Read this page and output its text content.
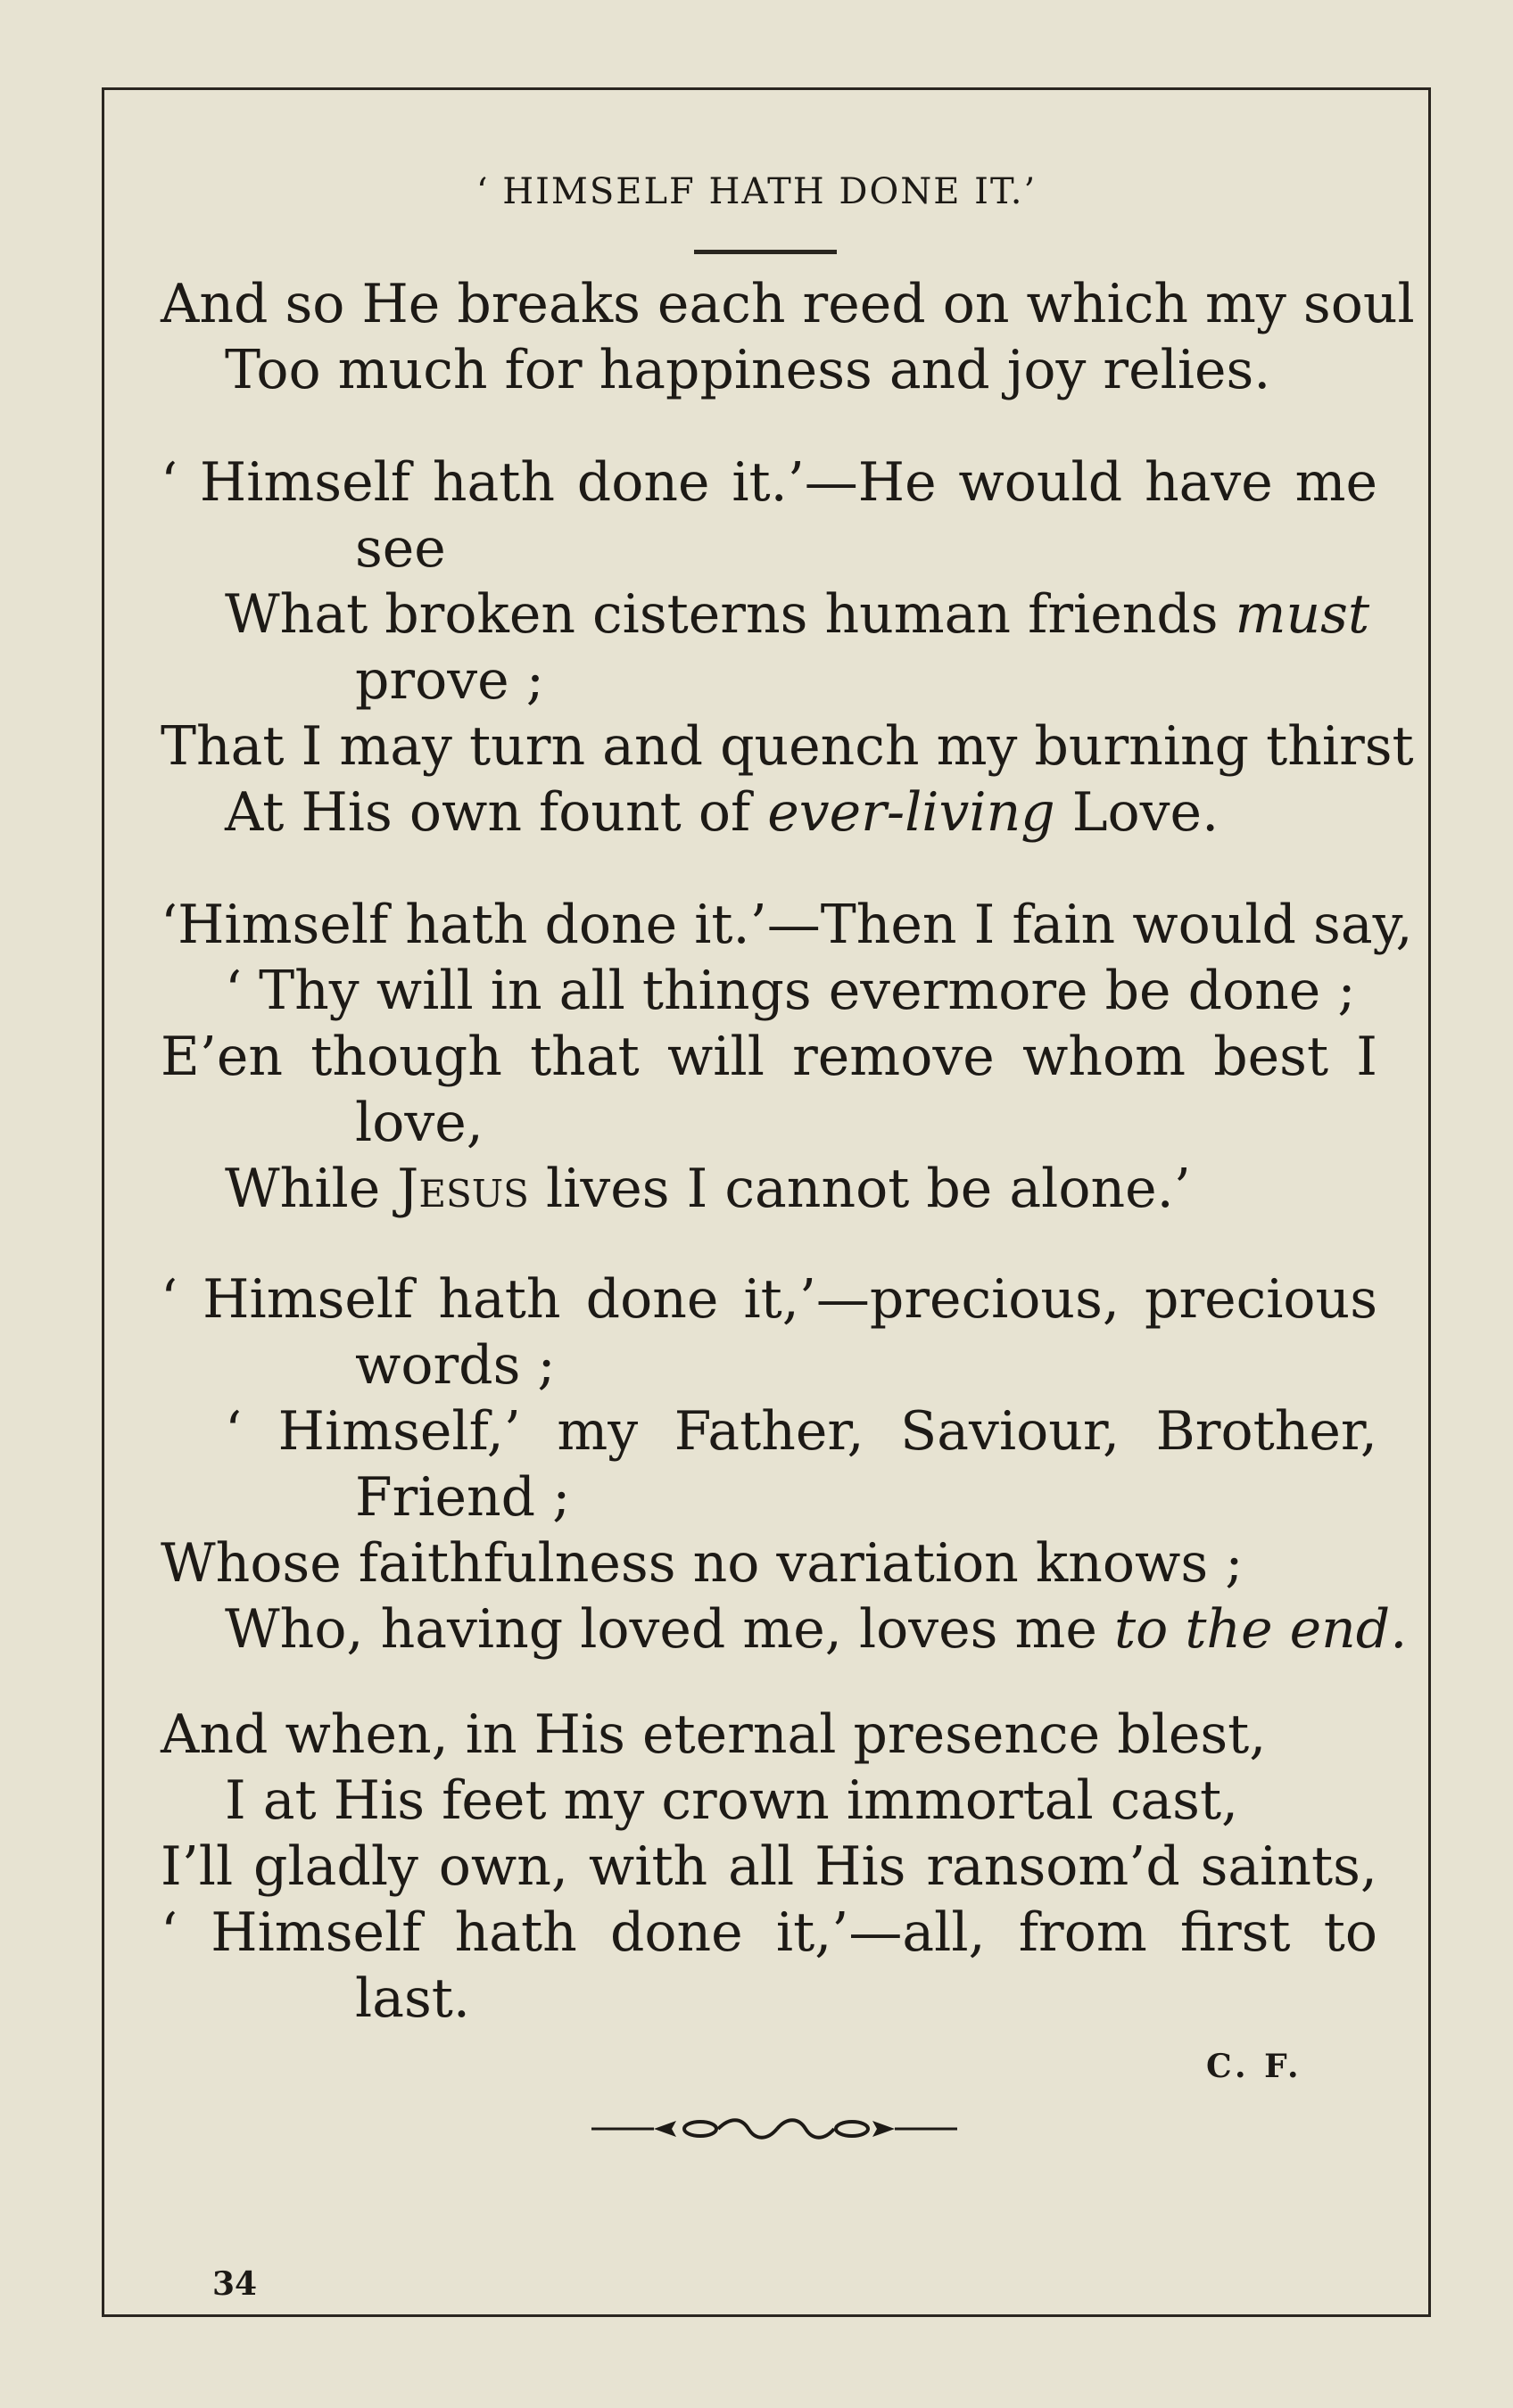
‘ HIMSELF HATH DONE IT.’
And so He breaks each reed on which my soul
Too much for happiness and joy relies.
‘ Himself hath done it.’—He would have me
see
What broken cisterns human friends must
prove ;
That I may turn and quench my burning thirst
At His own fount of ever-living Love.
‘Himself hath done it.’—Then I fain would say,
‘ Thy will in all things evermore be done ;
E’en though that will remove whom best I
love,
While Jesus lives I cannot be alone.’
‘ Himself hath done it,’—precious, precious
words ;
‘ Himself,’ my Father, Saviour, Brother,
Friend ;
Whose faithfulness no variation knows ;
Who, having loved me, loves me to the end.
And when, in His eternal presence blest,
I at His feet my crown immortal cast,
I’ll gladly own, with all His ransom’d saints,
‘ Himself hath done it,’—all, from first to
last.
C. F.
34
